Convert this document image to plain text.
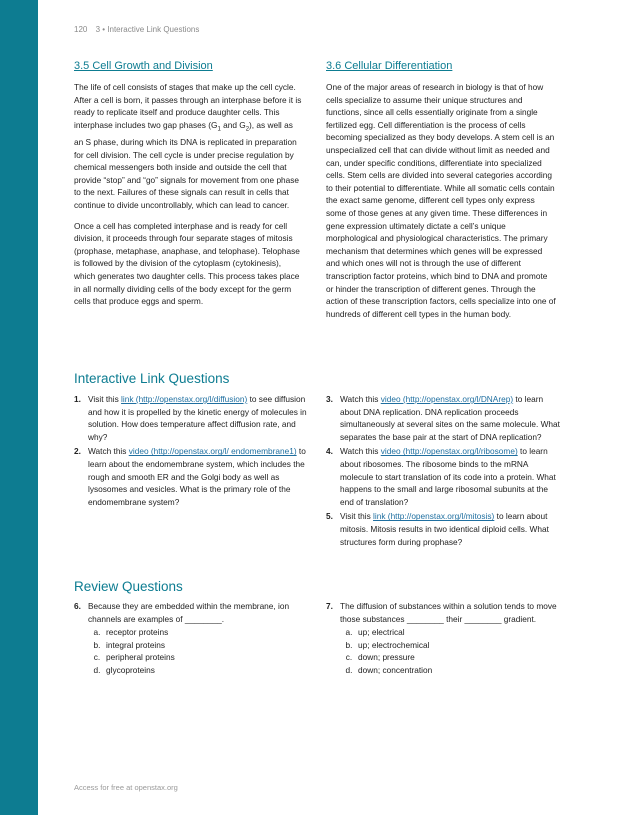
120 3 • Interactive Link Questions
3.5 Cell Growth and Division

The life of cell consists of stages that make up the cell cycle. After a cell is born, it passes through an interphase before it is ready to replicate itself and produce daughter cells. This interphase includes two gap phases ($G_1$ and $G_2$), as well as an S phase, during which its DNA is replicated in preparation for cell division. The cell cycle is under precise regulation by chemical messengers both inside and outside the cell that provide “stop” and “go” signals for movement from one phase to the next. Failures of these signals can result in cells that continue to divide uncontrollably, which can lead to cancer.

Once a cell has completed interphase and is ready for cell division, it proceeds through four separate stages of mitosis (prophase, metaphase, anaphase, and telophase). Telophase is followed by the division of the cytoplasm (cytokinesis), which generates two daughter cells. This process takes place in all normally dividing cells of the body except for the germ cells that produce eggs and sperm.

3.6 Cellular Differentiation

One of the major areas of research in biology is that of how cells specialize to assume their unique structures and functions, since all cells essentially originate from a single fertilized egg. Cell differentiation is the process of cells becoming specialized as they body develops. A stem cell is an unspecialized cell that can divide without limit as needed and can, under specific conditions, differentiate into specialized cells. Stem cells are divided into several categories according to their potential to differentiate. While all somatic cells contain the exact same genome, different cell types only express some of those genes at any given time. These differences in gene expression ultimately dictate a cell’s unique morphological and physiological characteristics. The primary mechanism that determines which genes will be expressed and which ones will not is through the use of different transcription factor proteins, which bind to DNA and promote or hinder the transcription of different genes. Through the action of these transcription factors, cells specialize into one of hundreds of different cell types in the human body.

Interactive Link Questions
1. Visit this link (http://openstax.org/l/diffusion) to see diffusion and how it is propelled by the kinetic energy of molecules in solution. How does temperature affect diffusion rate, and why?
2. Watch this video (http://openstax.org/l/ endomembrane1) to learn about the endomembrane system, which includes the rough and smooth ER and the Golgi body as well as lysosomes and vesicles. What is the primary role of the endomembrane system?
3. Watch this video (http://openstax.org/l/DNArep) to learn about DNA replication. DNA replication proceeds simultaneously at several sites on the same molecule. What separates the base pair at the start of DNA replication?
4. Watch this video (http://openstax.org/l/ribosome) to learn about ribosomes. The ribosome binds to the mRNA molecule to start translation of its code into a protein. What happens to the small and large ribosomal subunits at the end of translation?
5. Visit this link (http://openstax.org/l/mitosis) to learn about mitosis. Mitosis results in two identical diploid cells. What structures form during prophase?
Review Questions
6. Because they are embedded within the membrane, ion channels are examples of ________.
a. receptor proteins
b. integral proteins
c. peripheral proteins
d. glycoproteins
7. The diffusion of substances within a solution tends to move those substances ________ their ________ gradient.
a. up; electrical
b. up; electrochemical
c. down; pressure
d. down; concentration
Access for free at openstax.org
